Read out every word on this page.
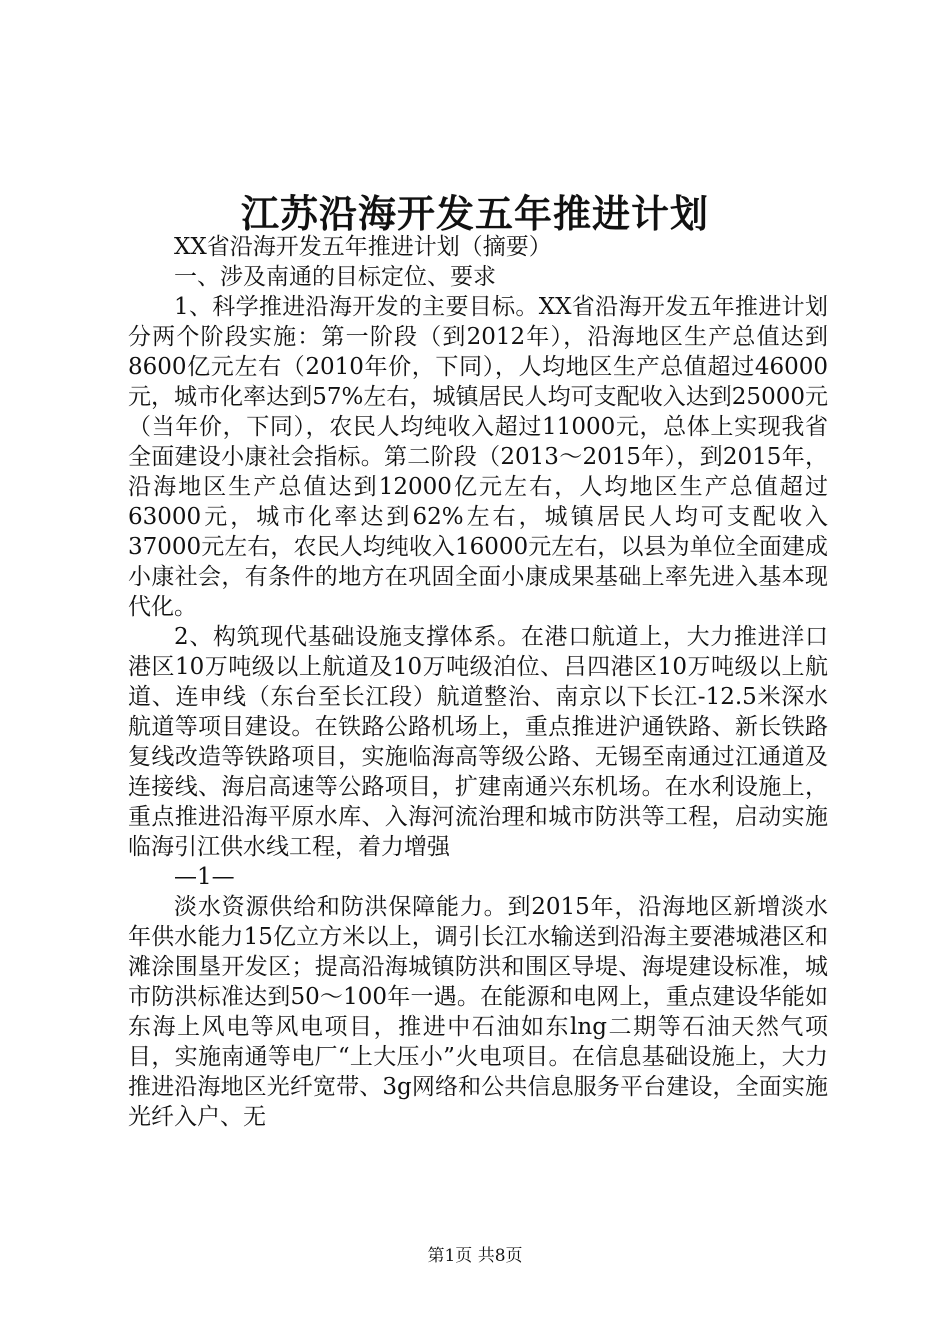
江苏沿海开发五年推进计划

XX省沿海开发五年推进计划（摘要）

一、涉及南通的目标定位、要求

1、科学推进沿海开发的主要目标。XX省沿海开发五年推进计划分两个阶段实施：第一阶段（到2012年），沿海地区生产总值达到8600亿元左右（2010年价，下同），人均地区生产总值超过46000元，城市化率达到57%左右，城镇居民人均可支配收入达到25000元（当年价，下同），农民人均纯收入超过11000元，总体上实现我省全面建设小康社会指标。第二阶段（2013～2015年），到2015年，沿海地区生产总值达到12000亿元左右，人均地区生产总值超过63000元，城市化率达到62%左右，城镇居民人均可支配收入37000元左右，农民人均纯收入16000元左右，以县为单位全面建成小康社会，有条件的地方在巩固全面小康成果基础上率先进入基本现代化。

2、构筑现代基础设施支撑体系。在港口航道上，大力推进洋口港区10万吨级以上航道及10万吨级泊位、吕四港区10万吨级以上航道、连申线（东台至长江段）航道整治、南京以下长江-12.5米深水航道等项目建设。在铁路公路机场上，重点推进沪通铁路、新长铁路复线改造等铁路项目，实施临海高等级公路、无锡至南通过江通道及连接线、海启高速等公路项目，扩建南通兴东机场。在水利设施上，重点推进沿海平原水库、入海河流治理和城市防洪等工程，启动实施临海引江供水线工程，着力增强

—1—

淡水资源供给和防洪保障能力。到2015年，沿海地区新增淡水年供水能力15亿立方米以上，调引长江水输送到沿海主要港城港区和滩涂围垦开发区；提高沿海城镇防洪和围区导堤、海堤建设标准，城市防洪标准达到50～100年一遇。在能源和电网上，重点建设华能如东海上风电等风电项目，推进中石油如东lng二期等石油天然气项目，实施南通等电厂“上大压小”火电项目。在信息基础设施上，大力推进沿海地区光纤宽带、3g网络和公共信息服务平台建设，全面实施光纤入户、无

第1页 共8页
